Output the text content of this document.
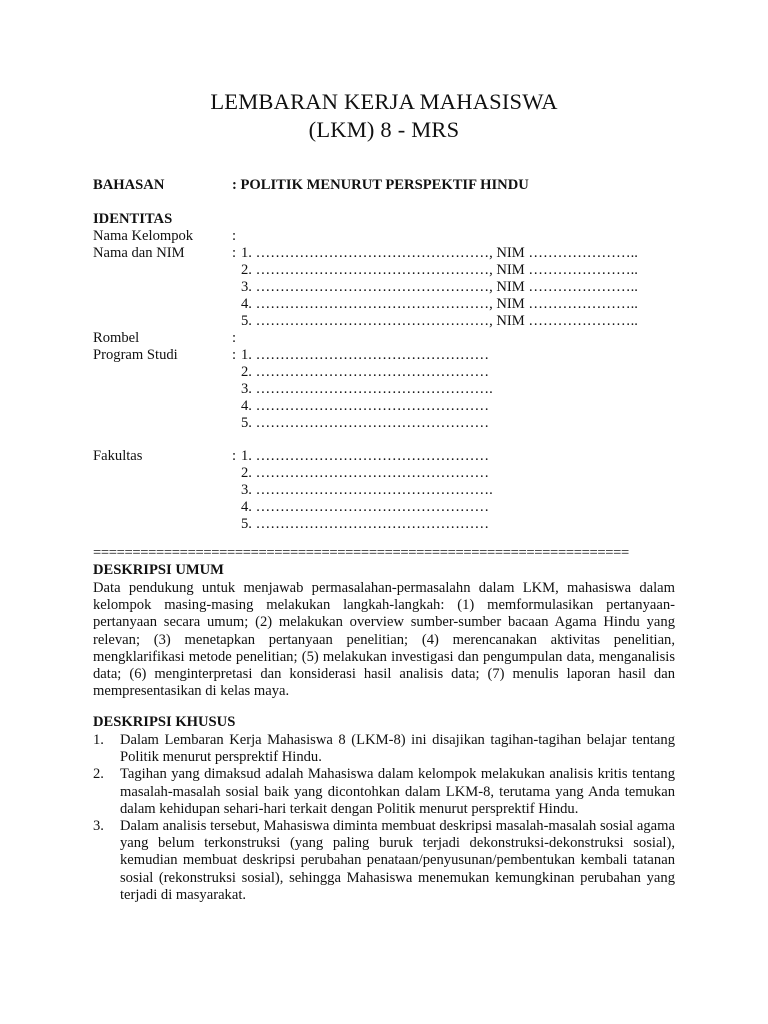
LEMBARAN KERJA MAHASISWA
(LKM) 8 - MRS
BAHASAN	: POLITIK MENURUT PERSPEKTIF HINDU
IDENTITAS
Nama Kelompok	:
Nama dan NIM	: 1. …………………………………………, NIM …………………..
2. …………………………………………, NIM …………………..
3. …………………………………………, NIM …………………..
4. …………………………………………, NIM …………………..
5. …………………………………………, NIM …………………..
Rombel	:
Program Studi	: 1. …………………………………………
2. …………………………………………
3. ………………………………………….
4. …………………………………………
5. …………………………………………
Fakultas	: 1. …………………………………………
2. …………………………………………
3. ………………………………………….
4. …………………………………………
5. …………………………………………
====================================================================
DESKRIPSI UMUM
Data pendukung untuk menjawab permasalahan-permasalahn dalam LKM, mahasiswa dalam kelompok masing-masing melakukan langkah-langkah: (1) memformulasikan pertanyaan-pertanyaan secara umum; (2) melakukan overview sumber-sumber bacaan Agama Hindu yang relevan; (3) menetapkan pertanyaan penelitian; (4) merencanakan aktivitas penelitian, mengklarifikasi metode penelitian; (5) melakukan investigasi dan pengumpulan data, menganalisis data; (6) menginterpretasi dan konsiderasi hasil analisis data; (7) menulis laporan hasil dan mempresentasikan di kelas maya.
DESKRIPSI KHUSUS
1. Dalam Lembaran Kerja Mahasiswa 8 (LKM-8) ini disajikan tagihan-tagihan belajar tentang Politik menurut persprektif Hindu.
2. Tagihan yang dimaksud adalah Mahasiswa dalam kelompok melakukan analisis kritis tentang masalah-masalah sosial baik yang dicontohkan dalam LKM-8, terutama yang Anda temukan dalam kehidupan sehari-hari terkait dengan Politik menurut persprektif Hindu.
3. Dalam analisis tersebut, Mahasiswa diminta membuat deskripsi masalah-masalah sosial agama yang belum terkonstruksi (yang paling buruk terjadi dekonstruksi-dekonstruksi sosial), kemudian membuat deskripsi perubahan penataan/penyusunan/pembentukan kembali tatanan sosial (rekonstruksi sosial), sehingga Mahasiswa menemukan kemungkinan perubahan yang terjadi di masyarakat.
